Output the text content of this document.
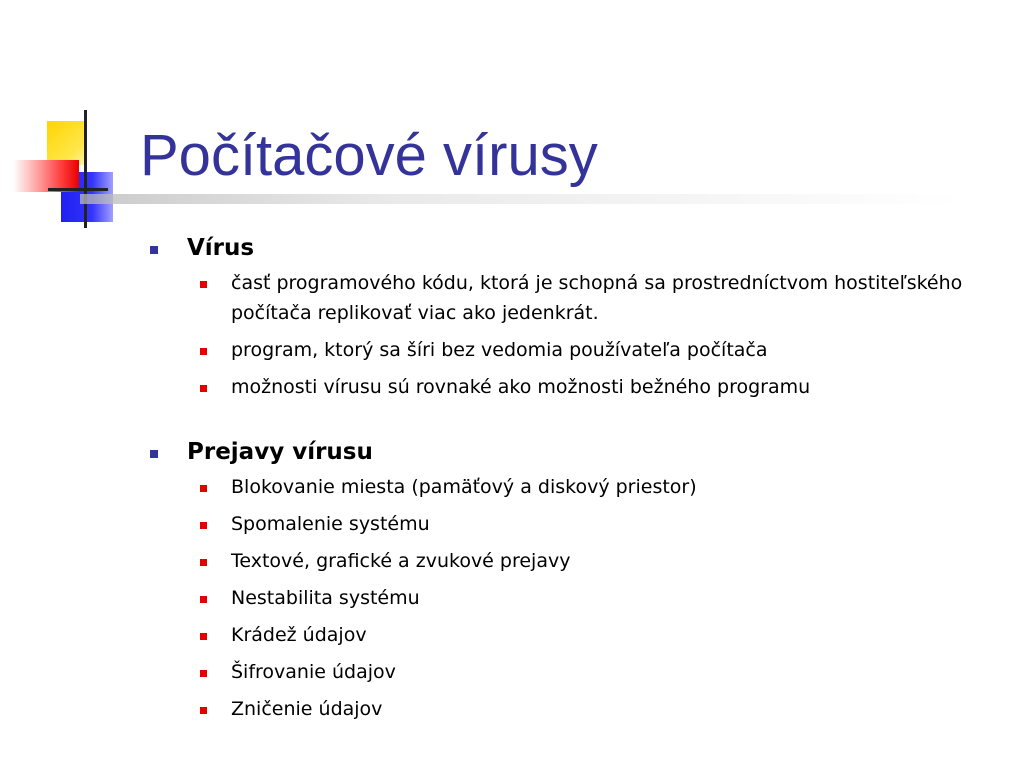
Počítačové vírusy
Vírus
časť programového kódu, ktorá je schopná sa prostredníctvom hostiteľského počítača replikovať viac ako jedenkrát.
program, ktorý sa šíri bez vedomia používateľa počítača
možnosti vírusu sú rovnaké ako možnosti bežného programu
Prejavy vírusu
Blokovanie miesta (pamäťový a diskový priestor)
Spomalenie systému
Textové, grafické a zvukové prejavy
Nestabilita systému
Krádež údajov
Šifrovanie údajov
Zničenie údajov
